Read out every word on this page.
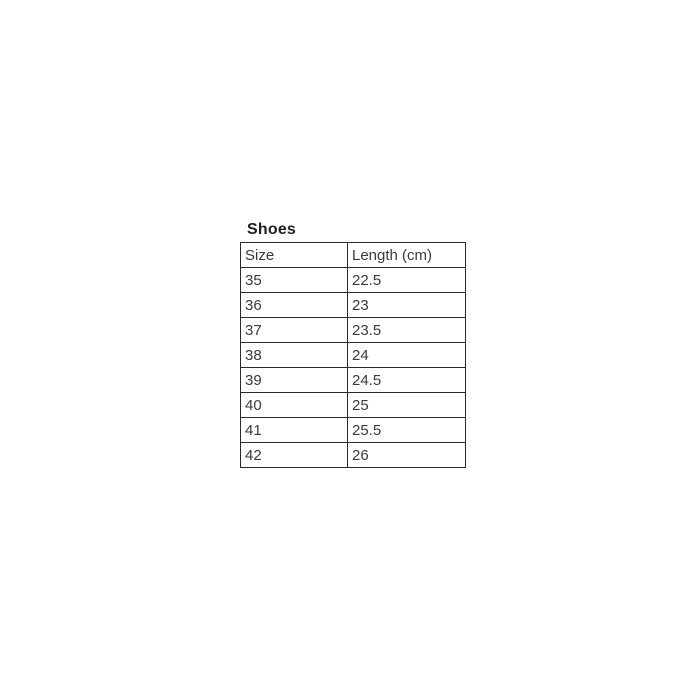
Shoes
Size	Length (cm)
35	22.5
36	23
37	23.5
38	24
39	24.5
40	25
41	25.5
42	26
